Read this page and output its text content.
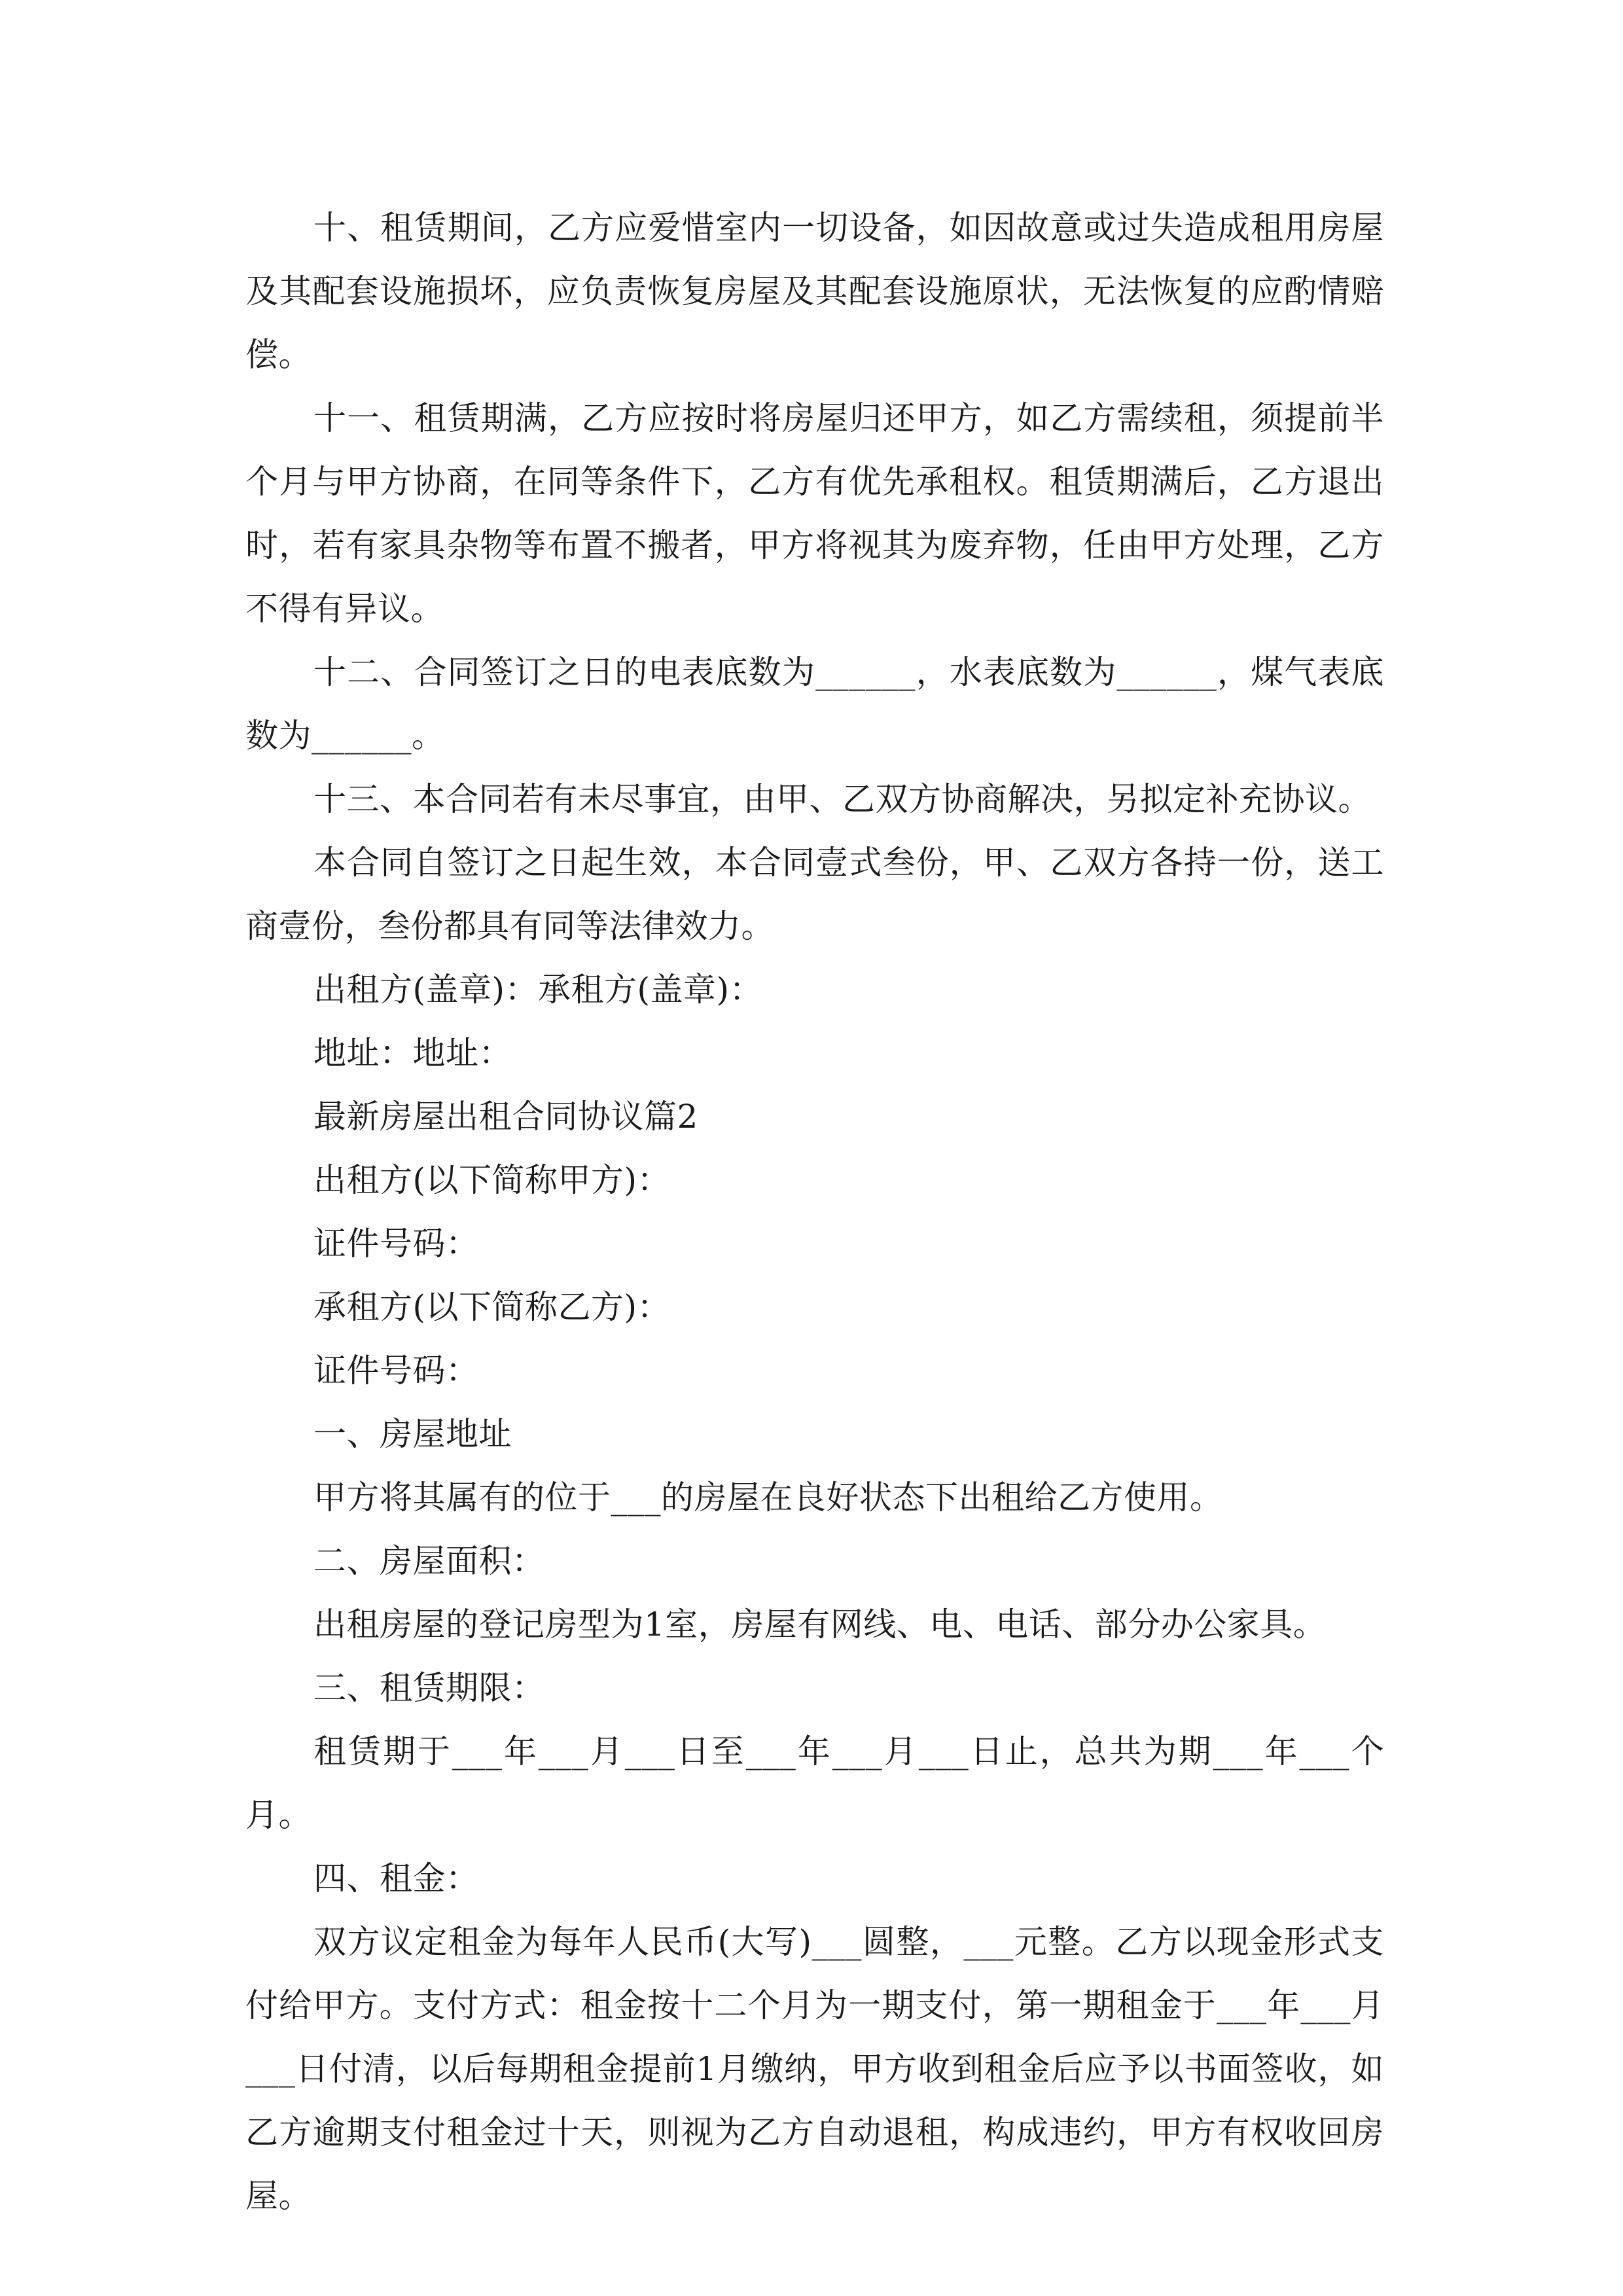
十、租赁期间，乙方应爱惜室内一切设备，如因故意或过失造成租用房屋及其配套设施损坏，应负责恢复房屋及其配套设施原状，无法恢复的应酌情赔偿。

十一、租赁期满，乙方应按时将房屋归还甲方，如乙方需续租，须提前半个月与甲方协商，在同等条件下，乙方有优先承租权。租赁期满后，乙方退出时，若有家具杂物等布置不搬者，甲方将视其为废弃物，任由甲方处理，乙方不得有异议。

十二、合同签订之日的电表底数为______，水表底数为______，煤气表底数为______。

十三、本合同若有未尽事宜，由甲、乙双方协商解决，另拟定补充协议。

本合同自签订之日起生效，本合同壹式叁份，甲、乙双方各持一份，送工商壹份，叁份都具有同等法律效力。

出租方(盖章)：承租方(盖章)：

地址：地址：

最新房屋出租合同协议篇2

出租方(以下简称甲方)：

证件号码：

承租方(以下简称乙方)：

证件号码：

一、房屋地址

甲方将其属有的位于___的房屋在良好状态下出租给乙方使用。

二、房屋面积：

出租房屋的登记房型为1室，房屋有网线、电、电话、部分办公家具。

三、租赁期限：

租赁期于___年___月___日至___年___月___日止，总共为期___年___个月。

四、租金：

双方议定租金为每年人民币(大写)___圆整，___元整。乙方以现金形式支付给甲方。支付方式：租金按十二个月为一期支付，第一期租金于___年___月___日付清，以后每期租金提前1月缴纳，甲方收到租金后应予以书面签收，如乙方逾期支付租金过十天，则视为乙方自动退租，构成违约，甲方有权收回房屋。
